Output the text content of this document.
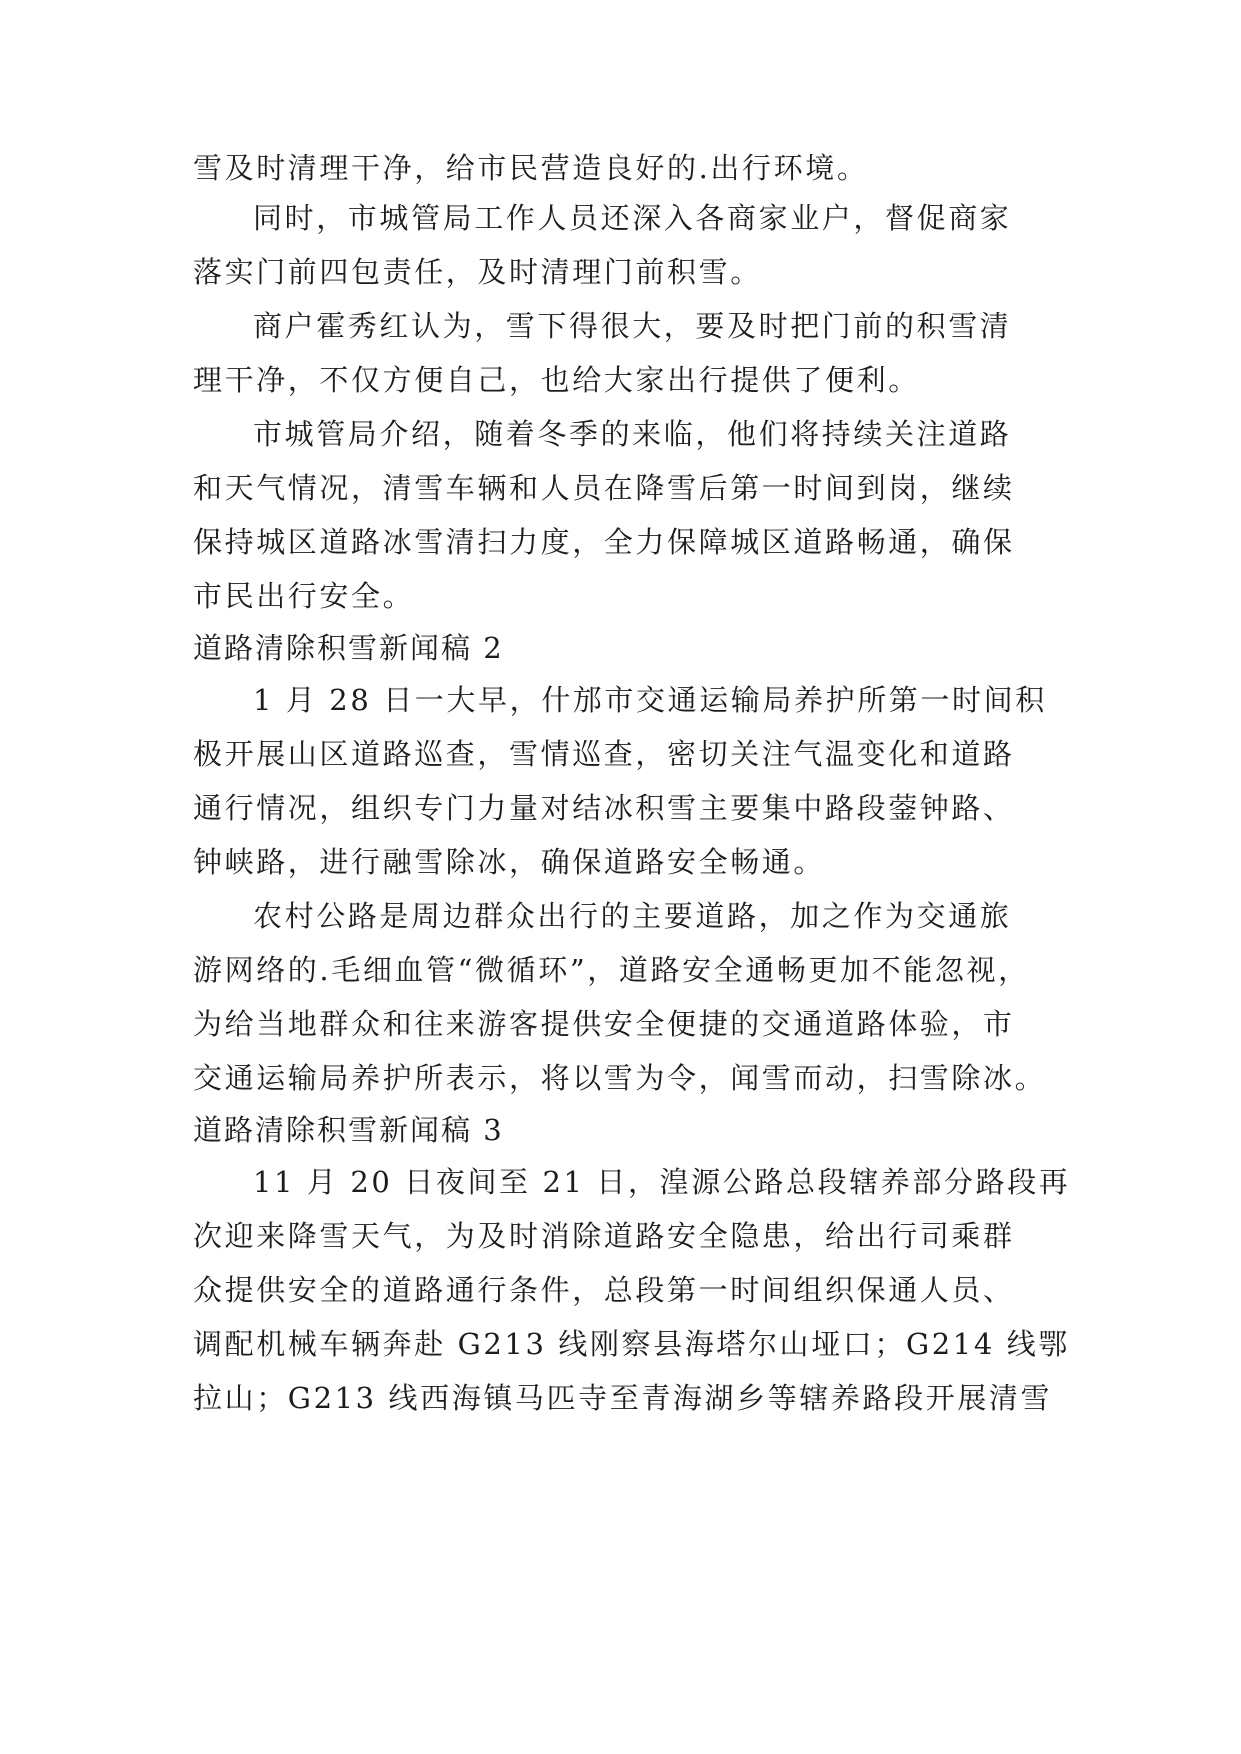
雪及时清理干净，给市民营造良好的.出行环境。
同时，市城管局工作人员还深入各商家业户，督促商家
落实门前四包责任，及时清理门前积雪。
商户霍秀红认为，雪下得很大，要及时把门前的积雪清
理干净，不仅方便自己，也给大家出行提供了便利。
市城管局介绍，随着冬季的来临，他们将持续关注道路
和天气情况，清雪车辆和人员在降雪后第一时间到岗，继续
保持城区道路冰雪清扫力度，全力保障城区道路畅通，确保
市民出行安全。
道路清除积雪新闻稿 2
1 月 28 日一大早，什邡市交通运输局养护所第一时间积
极开展山区道路巡查，雪情巡查，密切关注气温变化和道路
通行情况，组织专门力量对结冰积雪主要集中路段蓥钟路、
钟峡路，进行融雪除冰，确保道路安全畅通。
农村公路是周边群众出行的主要道路，加之作为交通旅
游网络的.毛细血管“微循环”，道路安全通畅更加不能忽视，
为给当地群众和往来游客提供安全便捷的交通道路体验，市
交通运输局养护所表示，将以雪为令，闻雪而动，扫雪除冰。
道路清除积雪新闻稿 3
11 月 20 日夜间至 21 日，湟源公路总段辖养部分路段再
次迎来降雪天气，为及时消除道路安全隐患，给出行司乘群
众提供安全的道路通行条件，总段第一时间组织保通人员、
调配机械车辆奔赴 G213 线刚察县海塔尔山垭口；G214 线鄂
拉山；G213 线西海镇马匹寺至青海湖乡等辖养路段开展清雪
